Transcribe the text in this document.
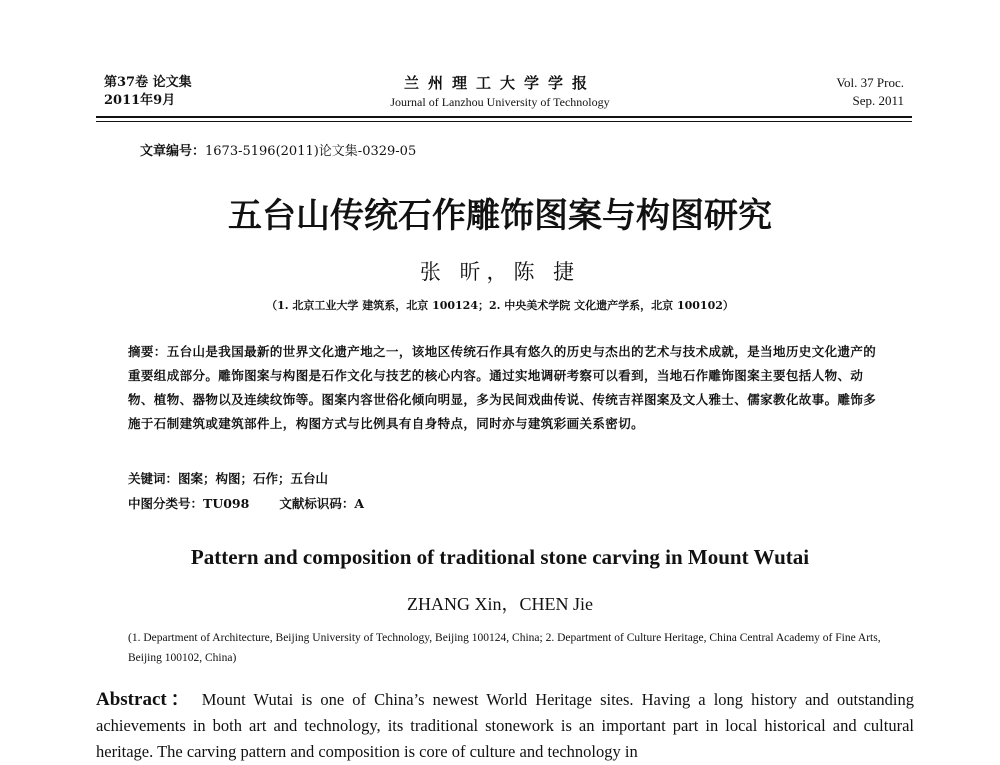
第37卷 论文集
2011年9月
兰州理工大学学报
Journal of Lanzhou University of Technology
Vol. 37 Proc.
Sep. 2011
文章编号：1673-5196(2011)论文集-0329-05
五台山传统石作雕饰图案与构图研究
张 昕，陈 捷
（1. 北京工业大学 建筑系，北京 100124；2. 中央美术学院 文化遗产学系，北京 100102）
摘要：五台山是我国最新的世界文化遗产地之一，该地区传统石作具有悠久的历史与杰出的艺术与技术成就，是当地历史文化遗产的重要组成部分。雕饰图案与构图是石作文化与技艺的核心内容。通过实地调研考察可以看到，当地石作雕饰图案主要包括人物、动物、植物、器物以及连续纹饰等。图案内容世俗化倾向明显，多为民间戏曲传说、传统吉祥图案及文人雅士、儒家教化故事。雕饰多施于石制建筑或建筑部件上，构图方式与比例具有自身特点，同时亦与建筑彩画关系密切。
关键词：图案；构图；石作；五台山
中图分类号：TU098 文献标识码：A
Pattern and composition of traditional stone carving in Mount Wutai
ZHANG Xin，CHEN Jie
(1. Department of Architecture, Beijing University of Technology, Beijing 100124, China; 2. Department of Culture Heritage, China Central Academy of Fine Arts, Beijing 100102, China)
Abstract： Mount Wutai is one of China’s newest World Heritage sites. Having a long history and outstanding achievements in both art and technology, its traditional stonework is an important part in local historical and cultural heritage. The carving pattern and composition is core of culture and technology in
